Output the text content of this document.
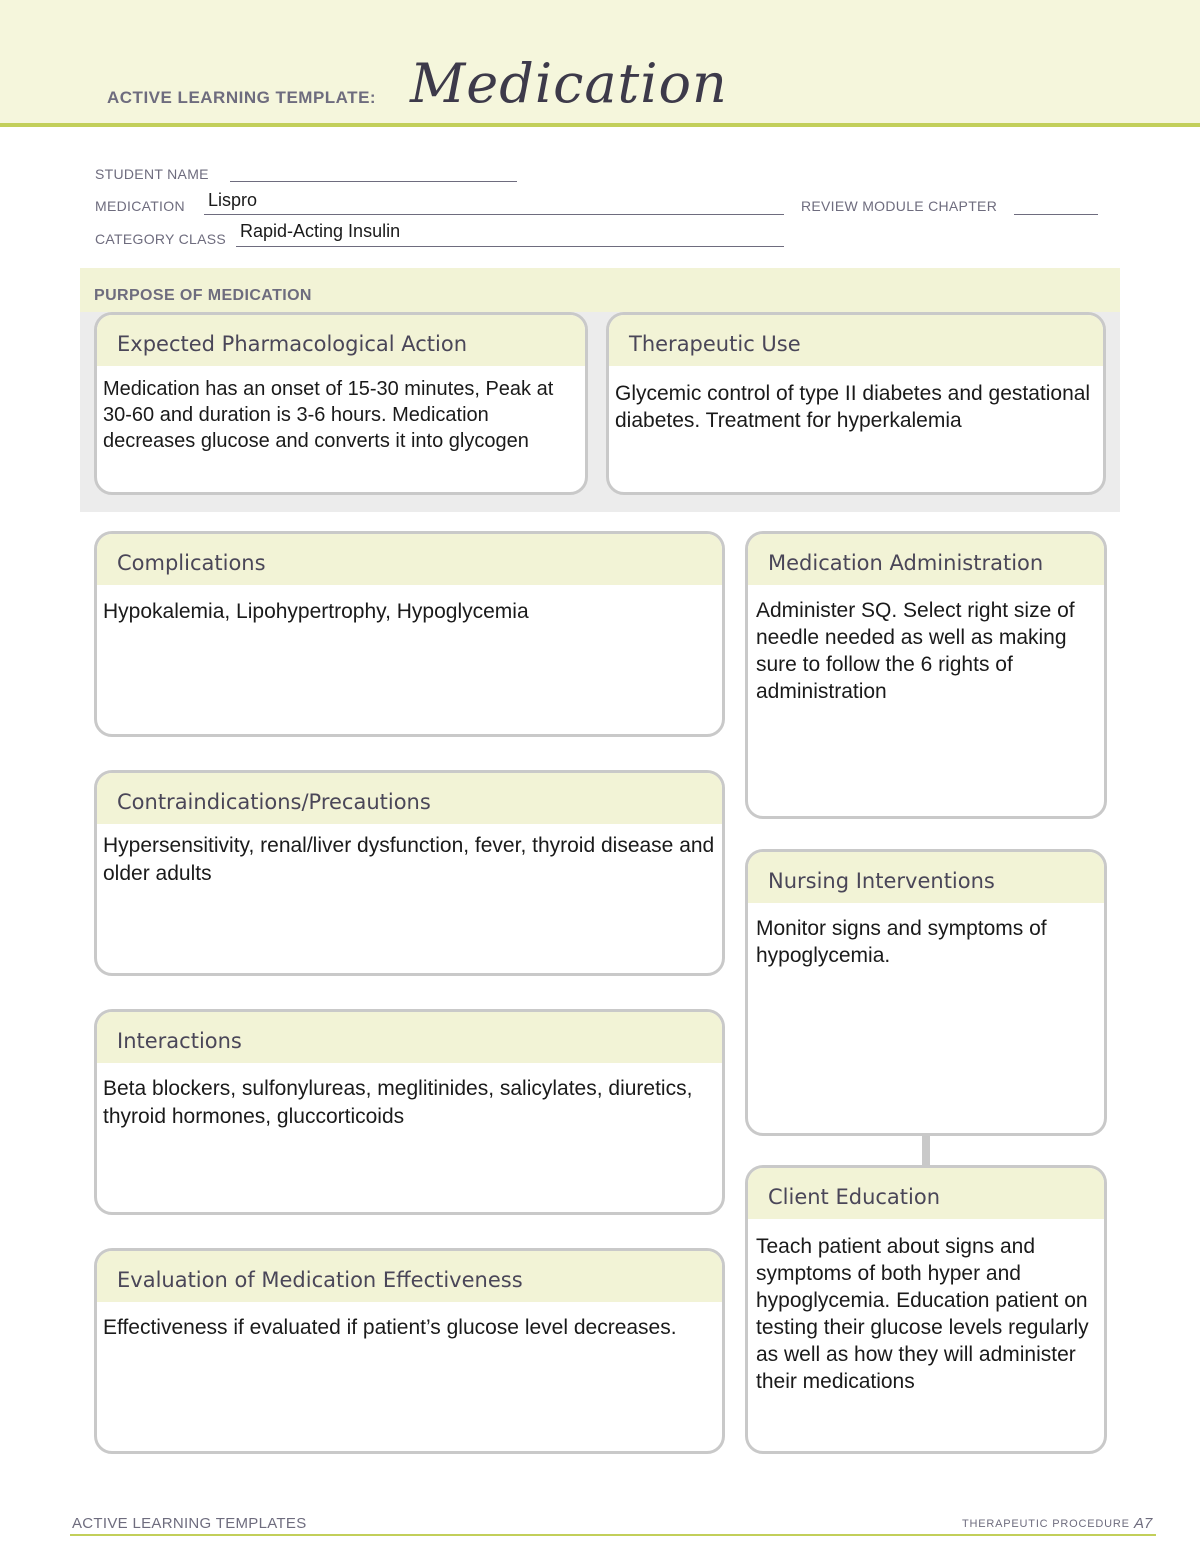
ACTIVE LEARNING TEMPLATE: Medication
STUDENT NAME
MEDICATION Lispro	REVIEW MODULE CHAPTER
CATEGORY CLASS Rapid-Acting Insulin
PURPOSE OF MEDICATION
Expected Pharmacological Action
Medication has an onset of 15-30 minutes, Peak at 30-60 and duration is 3-6 hours. Medication decreases glucose and converts it into glycogen
Therapeutic Use
Glycemic control of type II diabetes and gestational diabetes. Treatment for hyperkalemia
Complications
Hypokalemia, Lipohypertrophy, Hypoglycemia
Contraindications/Precautions
Hypersensitivity, renal/liver dysfunction, fever, thyroid disease and older adults
Interactions
Beta blockers, sulfonylureas, meglitinides, salicylates, diuretics, thyroid hormones, gluccorticoids
Evaluation of Medication Effectiveness
Effectiveness if evaluated if patient’s glucose level decreases.
Medication Administration
Administer SQ. Select right size of needle needed as well as making sure to follow the 6 rights of administration
Nursing Interventions
Monitor signs and symptoms of hypoglycemia.
Client Education
Teach patient about signs and symptoms of both hyper and hypoglycemia. Education patient on testing their glucose levels regularly as well as how they will administer their medications
ACTIVE LEARNING TEMPLATES	THERAPEUTIC PROCEDURE A7
